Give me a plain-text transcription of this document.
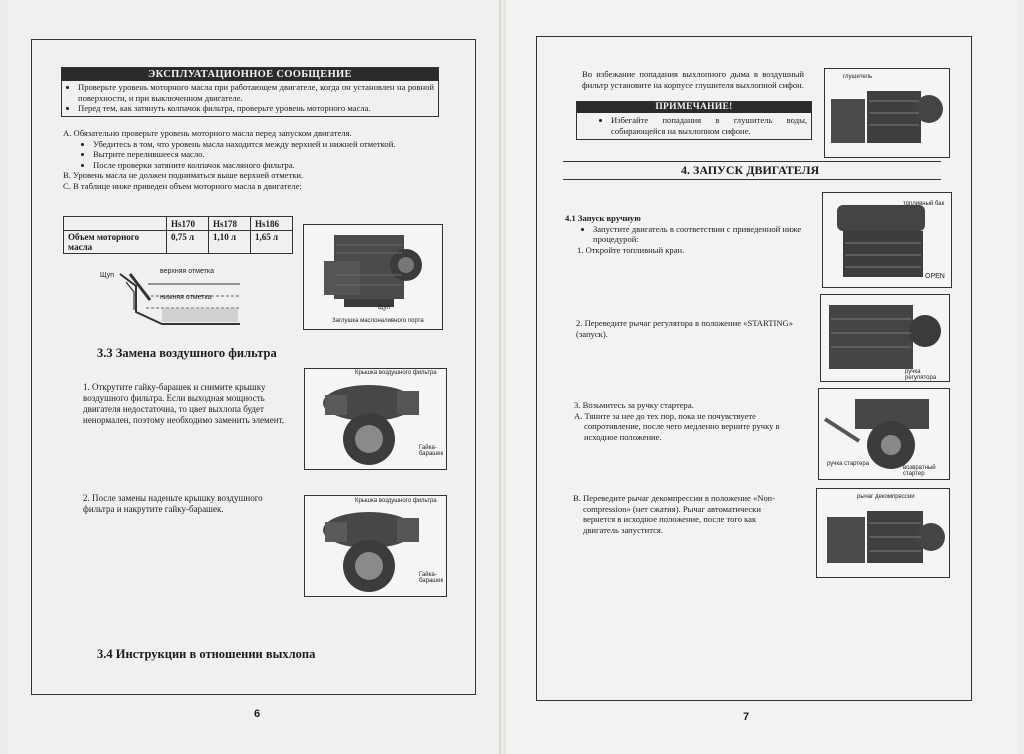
ЭКСПЛУАТАЦИОННОЕ СООБЩЕНИЕ
• Проверьте уровень моторного масла при работающем двигателе, когда он установлен на ровной поверхности, и при выключенном двигателе.
• Перед тем, как затянуть колпачок фильтра, проверьте уровень моторного масла.
A. Обязательно проверьте уровень моторного масла перед запуском двигателя.
• Убедитесь в том, что уровень масла находится между верхней и нижней отметкой.
• Вытрите перелившееся масло.
• После проверки затяните колпачок масляного фильтра.
B. Уровень масла не должен подниматься выше верхней отметки.
C. В таблице ниже приведен объем моторного масла в двигателе:
	Hs170	Hs178	Hs186
Объем моторного масла	0,75 л	1,10 л	1,65 л
Щуп
верхняя отметка
нижняя отметка
Щуп
Заглушка маслоналивного порта
3.3 Замена воздушного фильтра
1. Открутите гайку-барашек и снимите крышку воздушного фильтра. Если выходная мощность двигателя недостаточна, то цвет выхлопа будет ненормален, поэтому необходимо заменить элемент.
Крышка воздушного фильтра
Гайка-барашек
2. После замены наденьте крышку воздушного фильтра и накрутите гайку-барашек.
Крышка воздушного фильтра
Гайка-барашек
3.4 Инструкции в отношении выхлопа
6
Во избежание попадания выхлопного дыма в воздушный фильтр установите на корпусе глушителя выхлопной сифон.
ПРИМЕЧАНИЕ!
• Избегайте попадания в глушитель воды, собирающейся на выхлопном сифоне.
глушитель
4. ЗАПУСК ДВИГАТЕЛЯ
4.1 Запуск вручную
• Запустите двигатель в соответствии с приведенной ниже процедурой:
1. Откройте топливный кран.
топливный бак
OPEN
2. Переведите рычаг регулятора в положение «STARTING» (запуск).
ручка регулятора
3. Возьмитесь за ручку стартера.
A. Тяните за нее до тех пор, пока не почувствуете сопротивление, после чего медленно верните ручку в исходное положение.
ручка стартера
возвратный стартер
B. Переведите рычаг декомпрессии в положение «Non-compression» (нет сжатия). Рычаг автоматически вернется в исходное положение, после того как двигатель запустится.
рычаг декомпрессии
7
